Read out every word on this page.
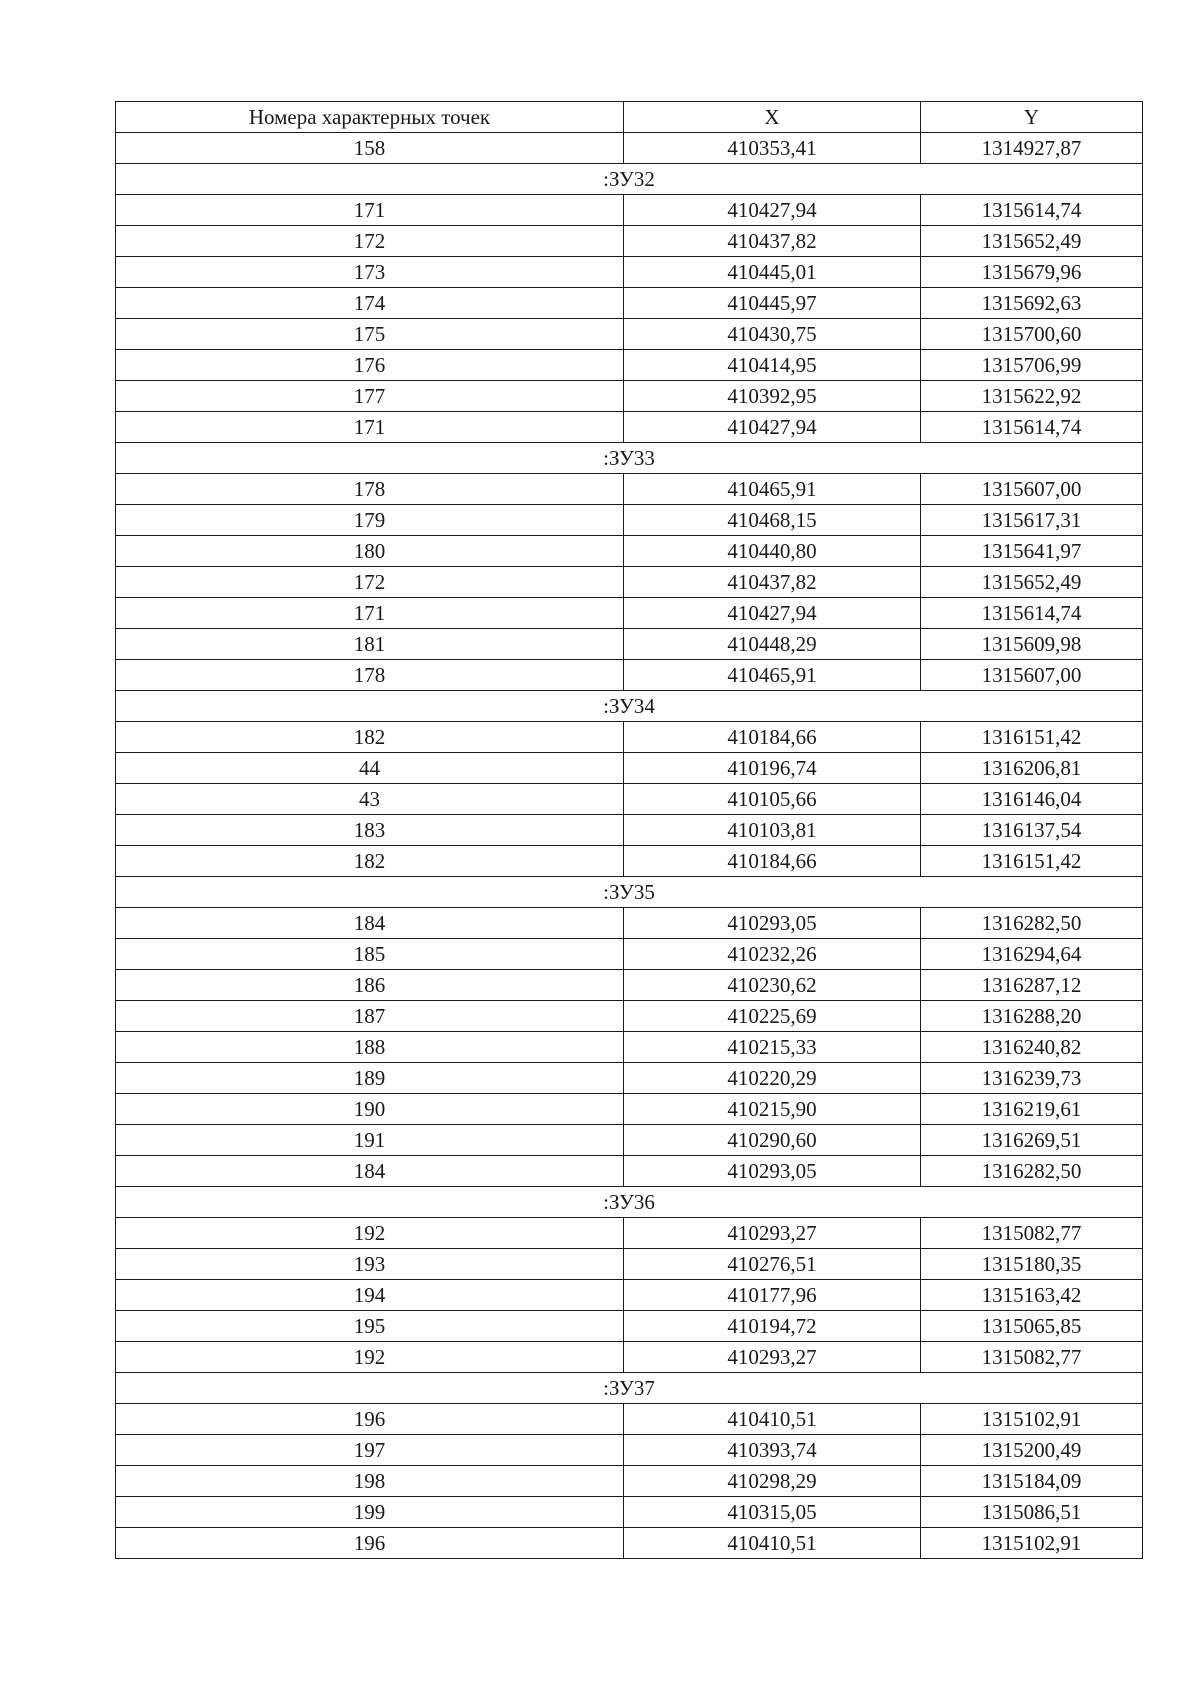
Номера характерных точек	X	Y
158	410353,41	1314927,87
:ЗУ32		
171	410427,94	1315614,74
172	410437,82	1315652,49
173	410445,01	1315679,96
174	410445,97	1315692,63
175	410430,75	1315700,60
176	410414,95	1315706,99
177	410392,95	1315622,92
171	410427,94	1315614,74
:ЗУ33		
178	410465,91	1315607,00
179	410468,15	1315617,31
180	410440,80	1315641,97
172	410437,82	1315652,49
171	410427,94	1315614,74
181	410448,29	1315609,98
178	410465,91	1315607,00
:ЗУ34		
182	410184,66	1316151,42
44	410196,74	1316206,81
43	410105,66	1316146,04
183	410103,81	1316137,54
182	410184,66	1316151,42
:ЗУ35		
184	410293,05	1316282,50
185	410232,26	1316294,64
186	410230,62	1316287,12
187	410225,69	1316288,20
188	410215,33	1316240,82
189	410220,29	1316239,73
190	410215,90	1316219,61
191	410290,60	1316269,51
184	410293,05	1316282,50
:ЗУ36		
192	410293,27	1315082,77
193	410276,51	1315180,35
194	410177,96	1315163,42
195	410194,72	1315065,85
192	410293,27	1315082,77
:ЗУ37		
196	410410,51	1315102,91
197	410393,74	1315200,49
198	410298,29	1315184,09
199	410315,05	1315086,51
196	410410,51	1315102,91
